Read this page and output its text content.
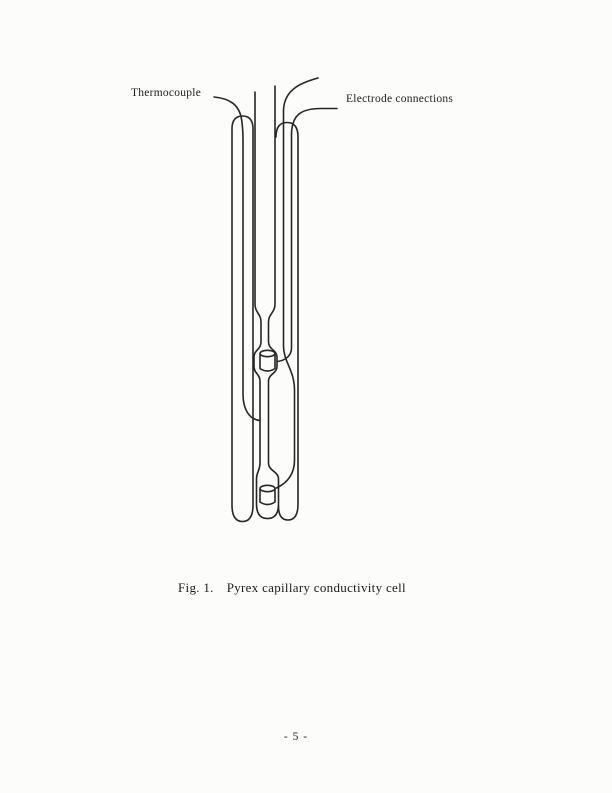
Thermocouple	Electrode connections
Fig. 1. Pyrex capillary conductivity cell
- 5 -
